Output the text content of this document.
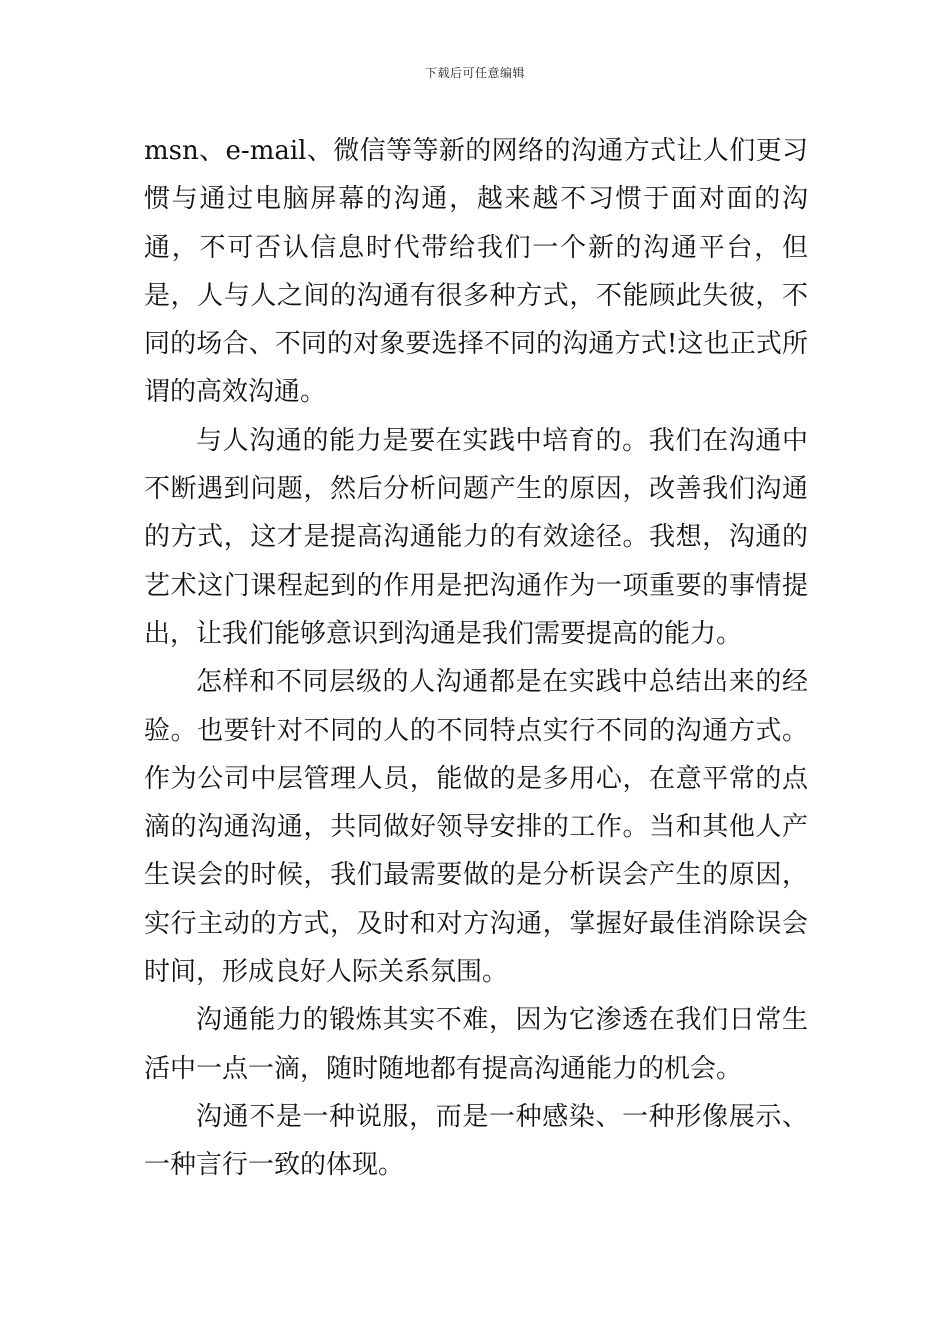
下载后可任意编辑

msn、e-mail、微信等等新的网络的沟通方式让人们更习惯与通过电脑屏幕的沟通，越来越不习惯于面对面的沟通，不可否认信息时代带给我们一个新的沟通平台，但是，人与人之间的沟通有很多种方式，不能顾此失彼，不同的场合、不同的对象要选择不同的沟通方式!这也正式所谓的高效沟通。

与人沟通的能力是要在实践中培育的。我们在沟通中不断遇到问题，然后分析问题产生的原因，改善我们沟通的方式，这才是提高沟通能力的有效途径。我想，沟通的艺术这门课程起到的作用是把沟通作为一项重要的事情提出，让我们能够意识到沟通是我们需要提高的能力。

怎样和不同层级的人沟通都是在实践中总结出来的经验。也要针对不同的人的不同特点实行不同的沟通方式。作为公司中层管理人员，能做的是多用心，在意平常的点滴的沟通沟通，共同做好领导安排的工作。当和其他人产生误会的时候，我们最需要做的是分析误会产生的原因，实行主动的方式，及时和对方沟通，掌握好最佳消除误会时间，形成良好人际关系氛围。

沟通能力的锻炼其实不难，因为它渗透在我们日常生活中一点一滴，随时随地都有提高沟通能力的机会。

沟通不是一种说服，而是一种感染、一种形像展示、一种言行一致的体现。
